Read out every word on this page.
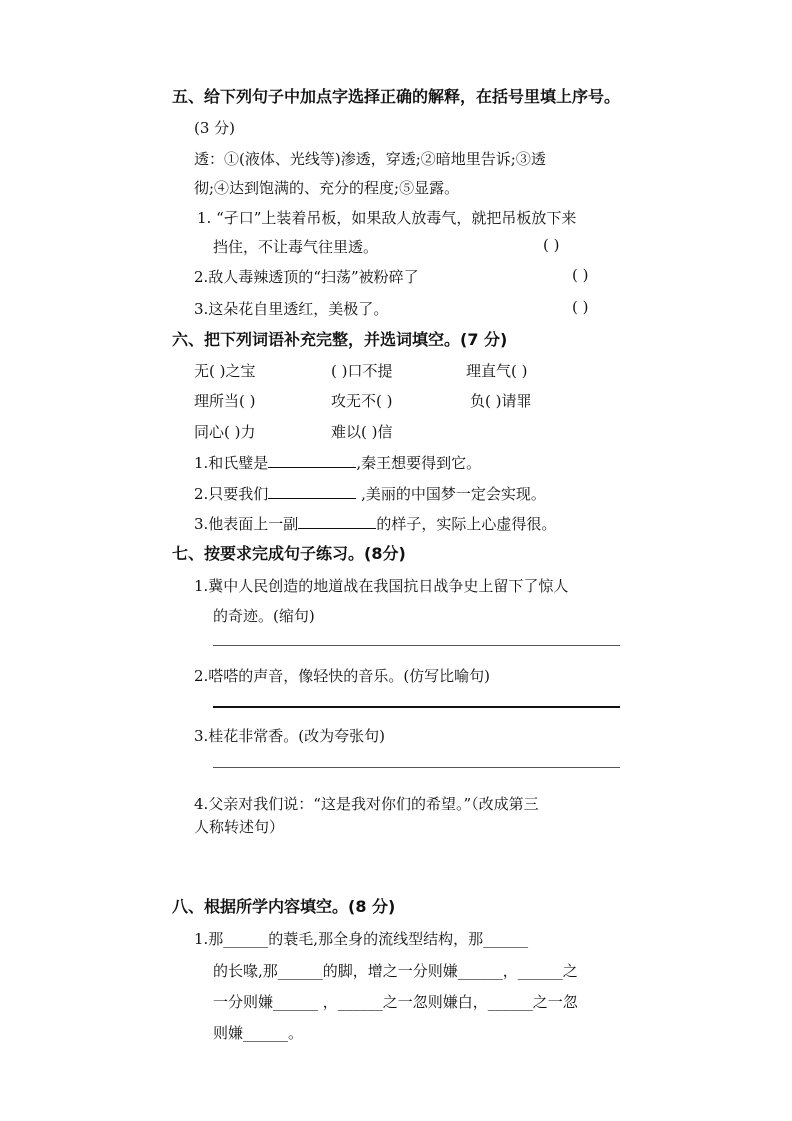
五、给下列句子中加点字选择正确的解释，在括号里填上序号。
(3 分)
透：①(液体、光线等)渗透，穿透;②暗地里告诉;③透
彻;④达到饱满的、充分的程度;⑤显露。
1. “孑口”上装着吊板，如果敌人放毒气，就把吊板放下来
挡住，不让毒气往里透。	( )
2.敌人毒辣透顶的“扫荡”被粉碎了	( )
3.这朵花自里透红，美极了。	( )
六、把下列词语补充完整，并选词填空。(7 分)
无( )之宝	( )口不提	理直气( )
理所当( )	攻无不( )	负( )请罪
同心( )力	难以( )信
1.和氏璧是	,秦王想要得到它。
2.只要我们	,美丽的中国梦一定会实现。
3.他表面上一副	的样子，实际上心虚得很。
七、按要求完成句子练习。(8分)
1.冀中人民创造的地道战在我国抗日战争史上留下了惊人
的奇迹。(缩句)
2.嗒嗒的声音，像轻快的音乐。(仿写比喻句)
3.桂花非常香。(改为夸张句)
4.父亲对我们说：“这是我对你们的希望。”（改成第三
人称转述句）
八、根据所学内容填空。(8 分)
1.那______的蓑毛,那全身的流线型结构，那______
的长喙,那______的脚，增之一分则嫌______，______之
一分则嫌______ ，______之一忽则嫌白，______之一忽
则嫌______。
